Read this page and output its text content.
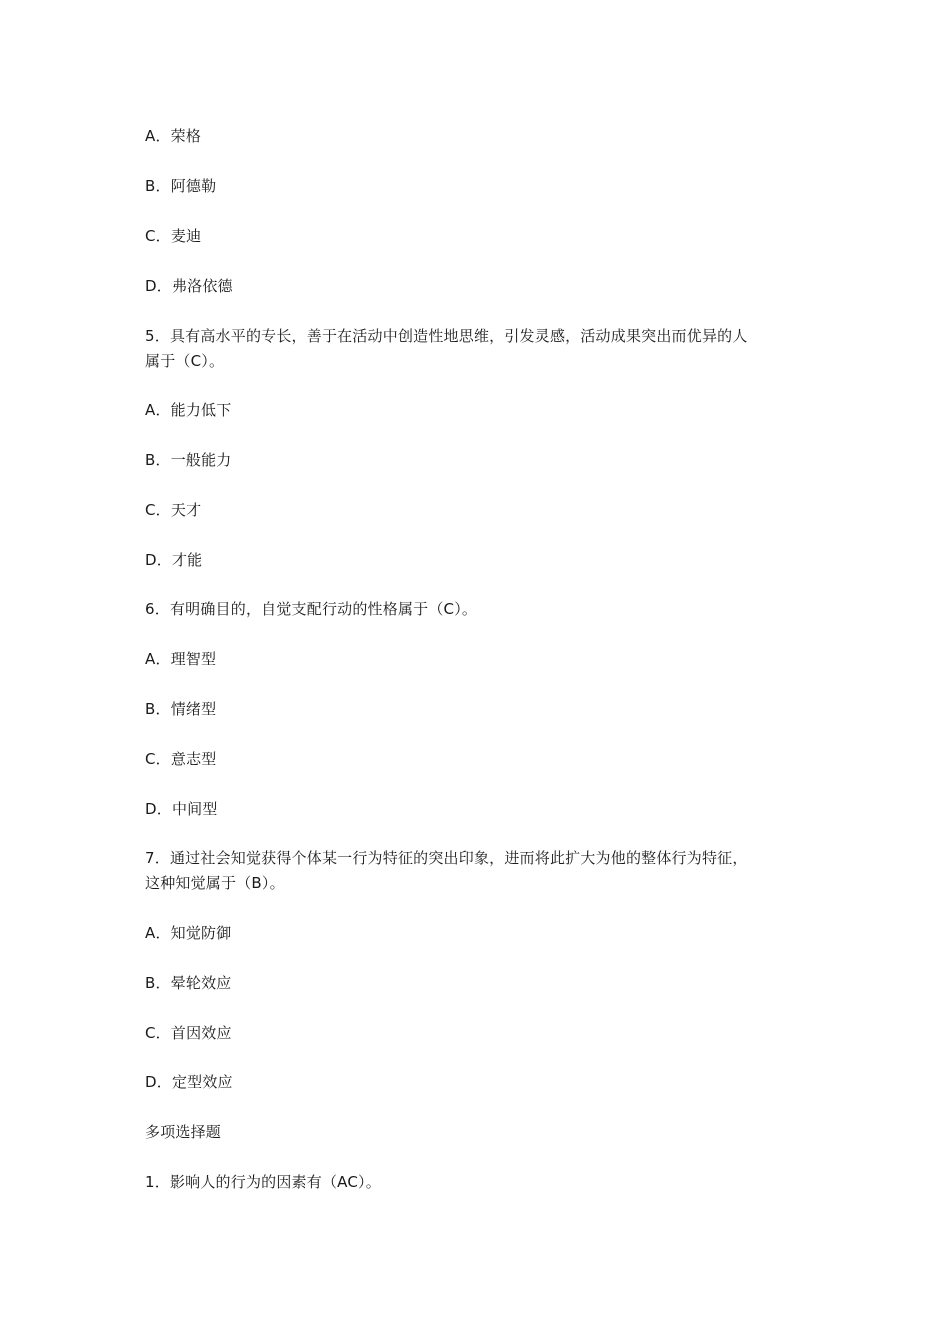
A．荣格
B．阿德勒
C．麦迪
D．弗洛依德
5．具有高水平的专长，善于在活动中创造性地思维，引发灵感，活动成果突出而优异的人
属于（C）。
A．能力低下
B．一般能力
C．天才
D．才能
6．有明确目的，自觉支配行动的性格属于（C）。
A．理智型
B．情绪型
C．意志型
D．中间型
7．通过社会知觉获得个体某一行为特征的突出印象，进而将此扩大为他的整体行为特征，
这种知觉属于（B）。
A．知觉防御
B．晕轮效应
C．首因效应
D．定型效应
多项选择题
1．影响人的行为的因素有（AC）。
